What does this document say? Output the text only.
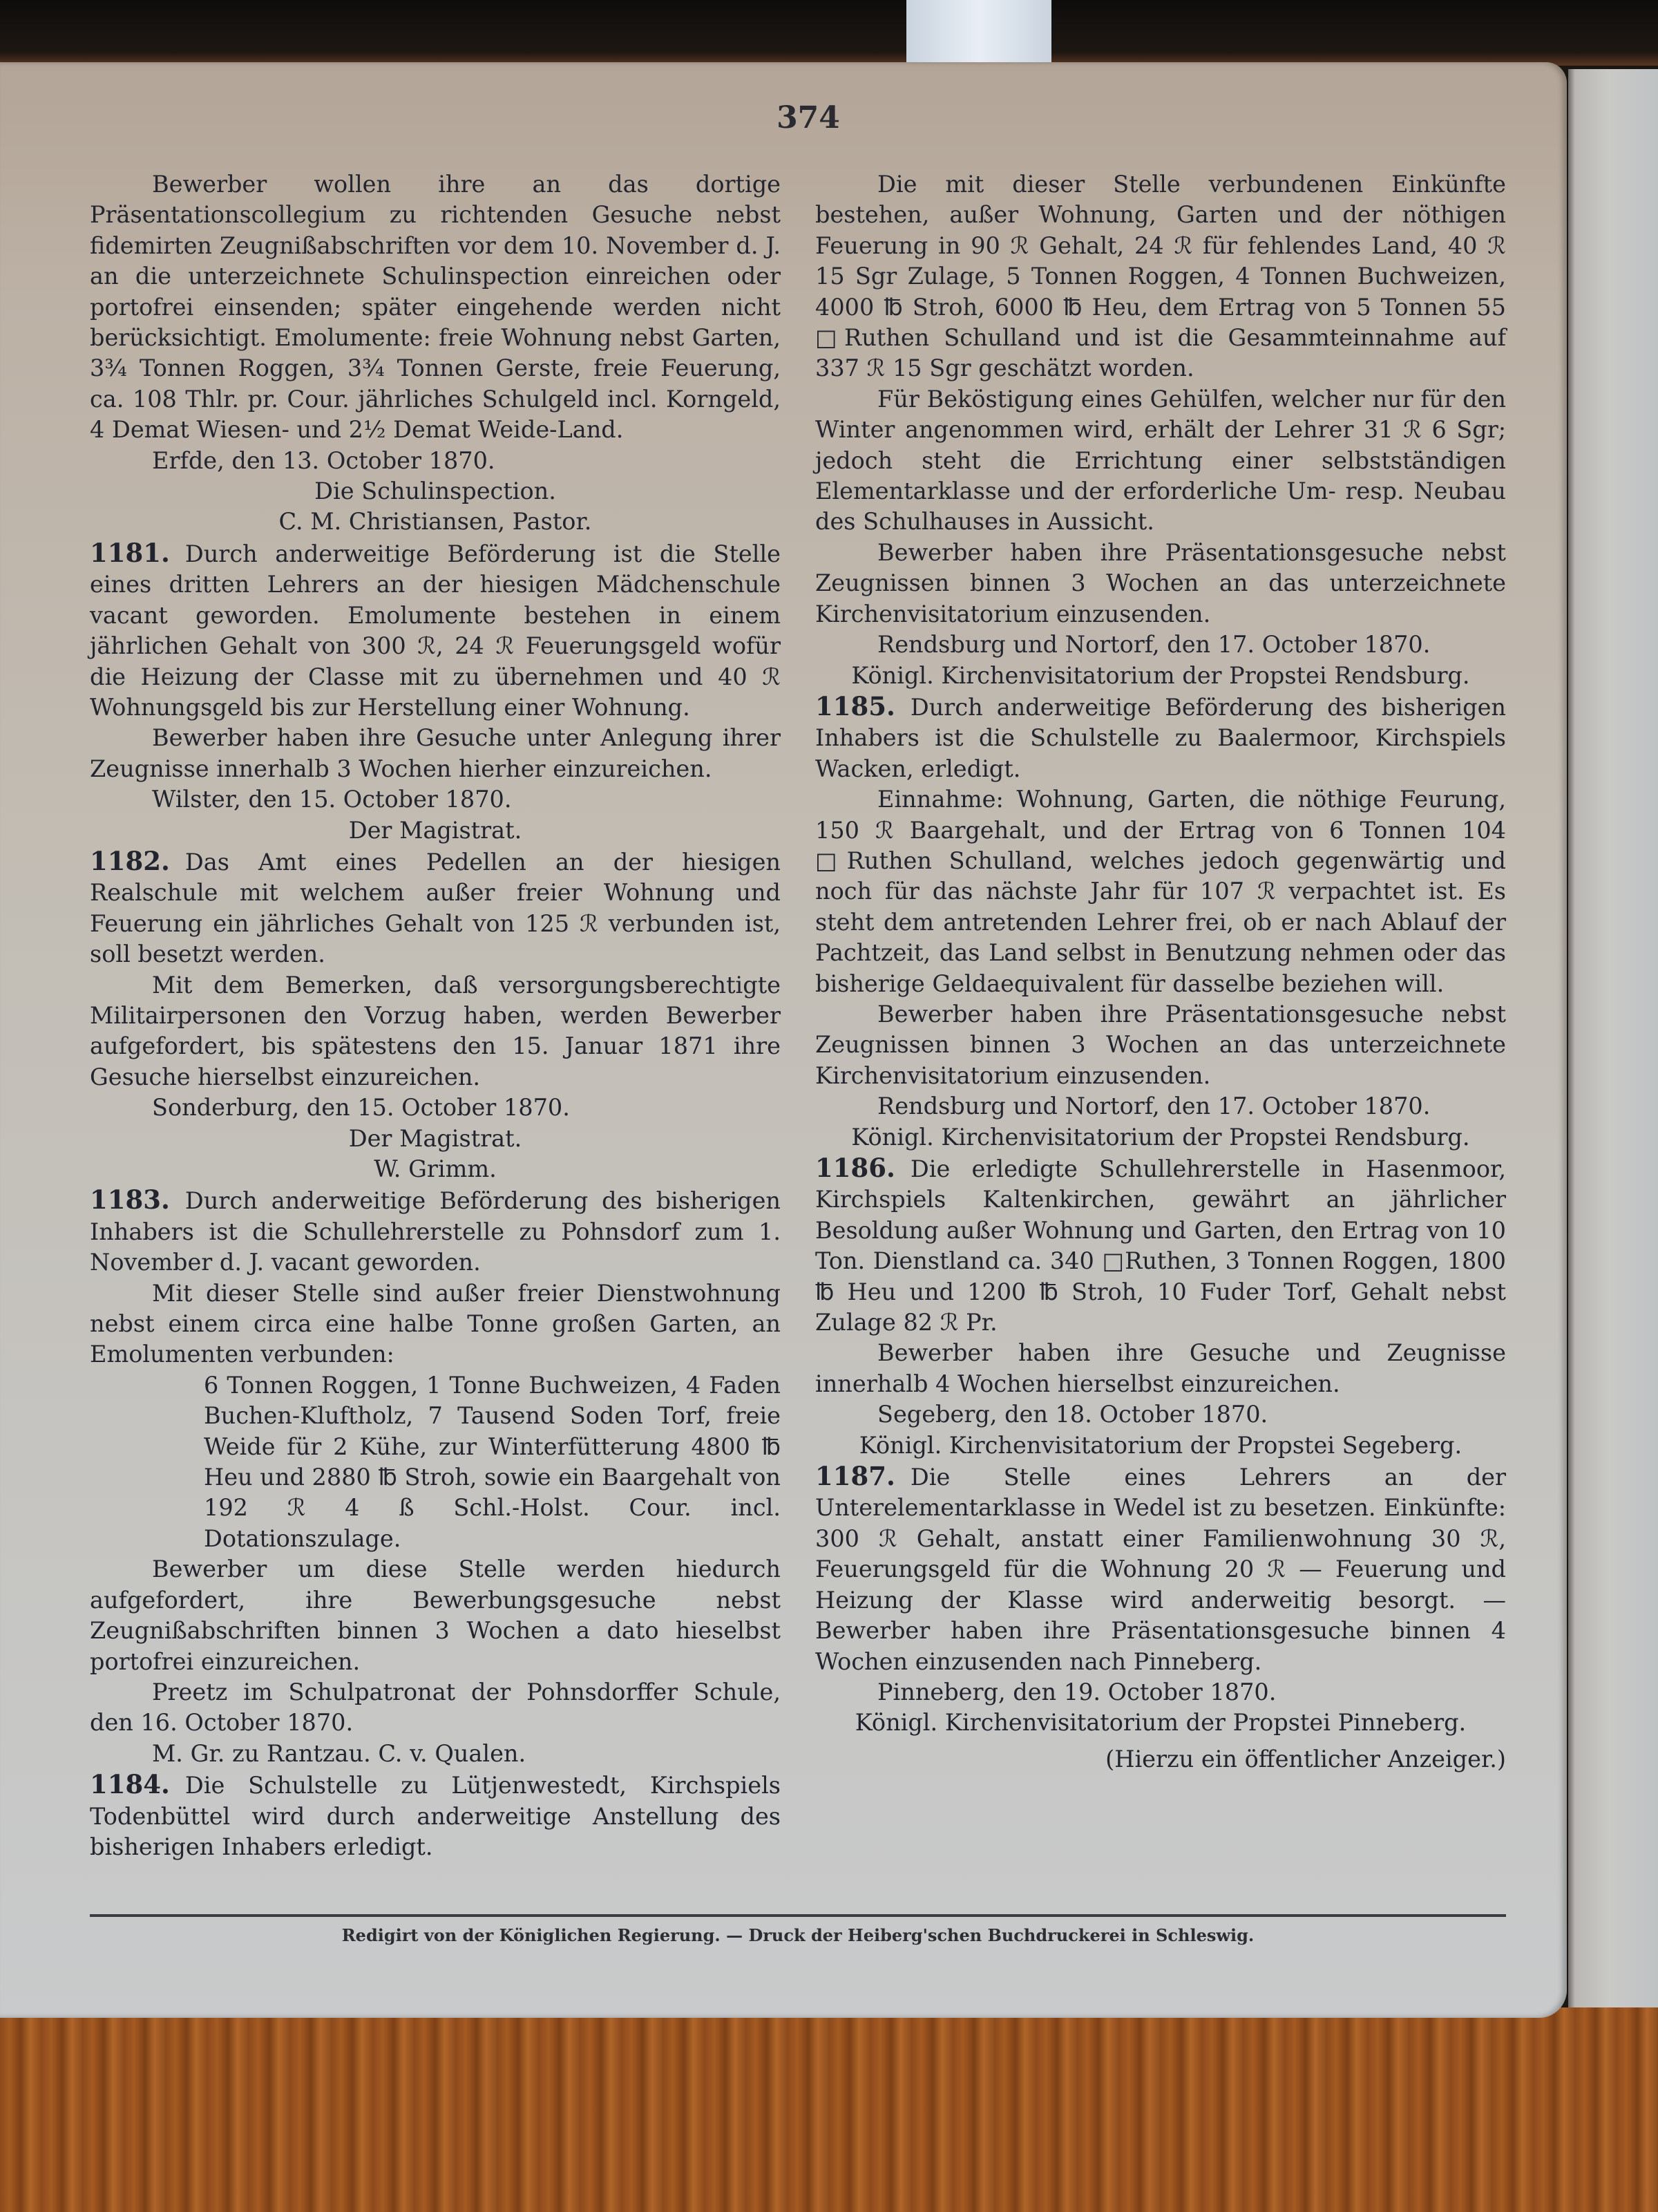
374

Bewerber wollen ihre an das dortige Präsentationscollegium zu richtenden Gesuche nebst fidemirten Zeugnißabschriften vor dem 10. November d. J. an die unterzeichnete Schulinspection einreichen oder portofrei einsenden; später eingehende werden nicht berücksichtigt. Emolumente: freie Wohnung nebst Garten, 3¾ Tonnen Roggen, 3¾ Tonnen Gerste, freie Feuerung, ca. 108 Thlr. pr. Cour. jährliches Schulgeld incl. Korngeld, 4 Demat Wiesen- und 2½ Demat Weide-Land.

Erfde, den 13. October 1870.

Die Schulinspection.

C. M. Christiansen, Pastor.

1181. Durch anderweitige Beförderung ist die Stelle eines dritten Lehrers an der hiesigen Mädchenschule vacant geworden. Emolumente bestehen in einem jährlichen Gehalt von 300 ℛ, 24 ℛ Feuerungsgeld wofür die Heizung der Classe mit zu übernehmen und 40 ℛ Wohnungsgeld bis zur Herstellung einer Wohnung.

Bewerber haben ihre Gesuche unter Anlegung ihrer Zeugnisse innerhalb 3 Wochen hierher einzureichen.

Wilster, den 15. October 1870.

Der Magistrat.

1182. Das Amt eines Pedellen an der hiesigen Realschule mit welchem außer freier Wohnung und Feuerung ein jährliches Gehalt von 125 ℛ verbunden ist, soll besetzt werden.

Mit dem Bemerken, daß versorgungsberechtigte Militairpersonen den Vorzug haben, werden Bewerber aufgefordert, bis spätestens den 15. Januar 1871 ihre Gesuche hierselbst einzureichen.

Sonderburg, den 15. October 1870.

Der Magistrat.

W. Grimm.

1183. Durch anderweitige Beförderung des bisherigen Inhabers ist die Schullehrerstelle zu Pohnsdorf zum 1. November d. J. vacant geworden.

Mit dieser Stelle sind außer freier Dienstwohnung nebst einem circa eine halbe Tonne großen Garten, an Emolumenten verbunden:

6 Tonnen Roggen, 1 Tonne Buchweizen, 4 Faden Buchen-Kluftholz, 7 Tausend Soden Torf, freie Weide für 2 Kühe, zur Winterfütterung 4800 ℔ Heu und 2880 ℔ Stroh, sowie ein Baargehalt von 192 ℛ 4 ß Schl.-Holst. Cour. incl. Dotationszulage.

Bewerber um diese Stelle werden hiedurch aufgefordert, ihre Bewerbungsgesuche nebst Zeugnißabschriften binnen 3 Wochen a dato hieselbst portofrei einzureichen.

Preetz im Schulpatronat der Pohnsdorffer Schule, den 16. October 1870.

M. Gr. zu Rantzau. C. v. Qualen.

1184. Die Schulstelle zu Lütjenwestedt, Kirchspiels Todenbüttel wird durch anderweitige Anstellung des bisherigen Inhabers erledigt.

Die mit dieser Stelle verbundenen Einkünfte bestehen, außer Wohnung, Garten und der nöthigen Feuerung in 90 ℛ Gehalt, 24 ℛ für fehlendes Land, 40 ℛ 15 Sgr Zulage, 5 Tonnen Roggen, 4 Tonnen Buchweizen, 4000 ℔ Stroh, 6000 ℔ Heu, dem Ertrag von 5 Tonnen 55 □Ruthen Schulland und ist die Gesammteinnahme auf 337 ℛ 15 Sgr geschätzt worden.

Für Beköstigung eines Gehülfen, welcher nur für den Winter angenommen wird, erhält der Lehrer 31 ℛ 6 Sgr; jedoch steht die Errichtung einer selbstständigen Elementarklasse und der erforderliche Um- resp. Neubau des Schulhauses in Aussicht.

Bewerber haben ihre Präsentationsgesuche nebst Zeugnissen binnen 3 Wochen an das unterzeichnete Kirchenvisitatorium einzusenden.

Rendsburg und Nortorf, den 17. October 1870.

Königl. Kirchenvisitatorium der Propstei Rendsburg.

1185. Durch anderweitige Beförderung des bisherigen Inhabers ist die Schulstelle zu Baalermoor, Kirchspiels Wacken, erledigt.

Einnahme: Wohnung, Garten, die nöthige Feurung, 150 ℛ Baargehalt, und der Ertrag von 6 Tonnen 104 □Ruthen Schulland, welches jedoch gegenwärtig und noch für das nächste Jahr für 107 ℛ verpachtet ist. Es steht dem antretenden Lehrer frei, ob er nach Ablauf der Pachtzeit, das Land selbst in Benutzung nehmen oder das bisherige Geldaequivalent für dasselbe beziehen will.

Bewerber haben ihre Präsentationsgesuche nebst Zeugnissen binnen 3 Wochen an das unterzeichnete Kirchenvisitatorium einzusenden.

Rendsburg und Nortorf, den 17. October 1870.

Königl. Kirchenvisitatorium der Propstei Rendsburg.

1186. Die erledigte Schullehrerstelle in Hasenmoor, Kirchspiels Kaltenkirchen, gewährt an jährlicher Besoldung außer Wohnung und Garten, den Ertrag von 10 Ton. Dienstland ca. 340 □Ruthen, 3 Tonnen Roggen, 1800 ℔ Heu und 1200 ℔ Stroh, 10 Fuder Torf, Gehalt nebst Zulage 82 ℛ Pr.

Bewerber haben ihre Gesuche und Zeugnisse innerhalb 4 Wochen hierselbst einzureichen.

Segeberg, den 18. October 1870.

Königl. Kirchenvisitatorium der Propstei Segeberg.

1187. Die Stelle eines Lehrers an der Unterelementarklasse in Wedel ist zu besetzen. Einkünfte: 300 ℛ Gehalt, anstatt einer Familienwohnung 30 ℛ, Feuerungsgeld für die Wohnung 20 ℛ — Feuerung und Heizung der Klasse wird anderweitig besorgt. — Bewerber haben ihre Präsentationsgesuche binnen 4 Wochen einzusenden nach Pinneberg.

Pinneberg, den 19. October 1870.

Königl. Kirchenvisitatorium der Propstei Pinneberg.

(Hierzu ein öffentlicher Anzeiger.)

Redigirt von der Königlichen Regierung. — Druck der Heiberg'schen Buchdruckerei in Schleswig.
